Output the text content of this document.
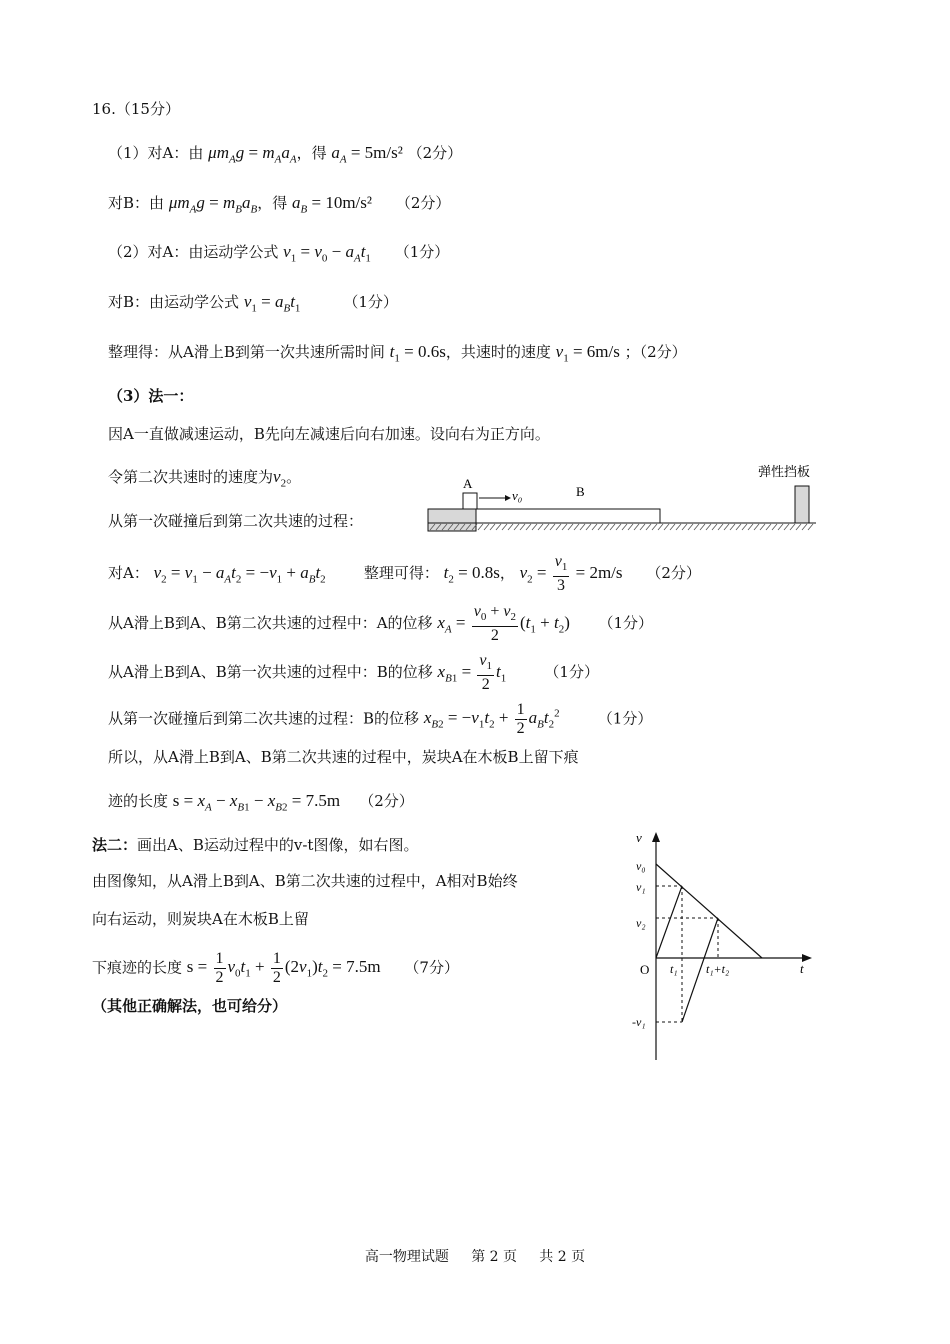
16.（15分）
（1）对A：由 $\mu m_Ag = m_Aa_A$，得 $a_A = 5m/s^2$ （2分）
对B：由 $\mu m_Ag = m_Ba_B$，得 $a_B = 10m/s^2$ （2分）
（2）对A：由运动学公式 $v_1 = v_0 - a_At_1$ （1分）
对B：由运动学公式 $v_1 = a_Bt_1$	（1分）
整理得：从A滑上B到第一次共速所需时间 $t_1 = 0.6s$，共速时的速度 $v_1 = 6m/s$ ；（2分）
（3）法一：
因A一直做减速运动，B先向左减速后向右加速。设向右为正方向。
令第二次共速时的速度为$v_2$。
从第一次碰撞后到第二次共速的过程：
弹性挡板
A
v₀	B
对A： $v_2 = v_1 - a_At_2 = -v_1 + a_Bt_2$	整理可得： $t_2 = 0.8s$， $v_2 = \frac{v_1}{3} = 2m/s$ （2分）
从A滑上B到A、B第二次共速的过程中：A的位移 $x_A = \frac{v_0 + v_2}{2} (t_1 + t_2)$ （1分）
从A滑上B到A、B第一次共速的过程中：B的位移 $x_{B1} = \frac{v_1}{2} t_1$	（1分）
从第一次碰撞后到第二次共速的过程：B的位移 $x_{B2} = -v_1t_2 + \frac{1}{2} a_Bt_2^2$	（1分）
所以，从A滑上B到A、B第二次共速的过程中，炭块A在木板B上留下痕
迹的长度 $s = x_A - x_{B1} - x_{B2} = 7.5m$ （2分）
法二：画出A、B运动过程中的v-t图像，如右图。
由图像知，从A滑上B到A、B第二次共速的过程中，A相对B始终
向右运动，则炭块A在木板B上留
下痕迹的长度 $s = \frac{1}{2} v_0t_1 + \frac{1}{2} (2v_1)t_2 = 7.5m$ （7分）
（其他正确解法，也可给分）
v
t
O
v₀
v₁
v₂
-v₁
t₁ t₁+t₂
高一物理试题 第 2 页 共 2 页
